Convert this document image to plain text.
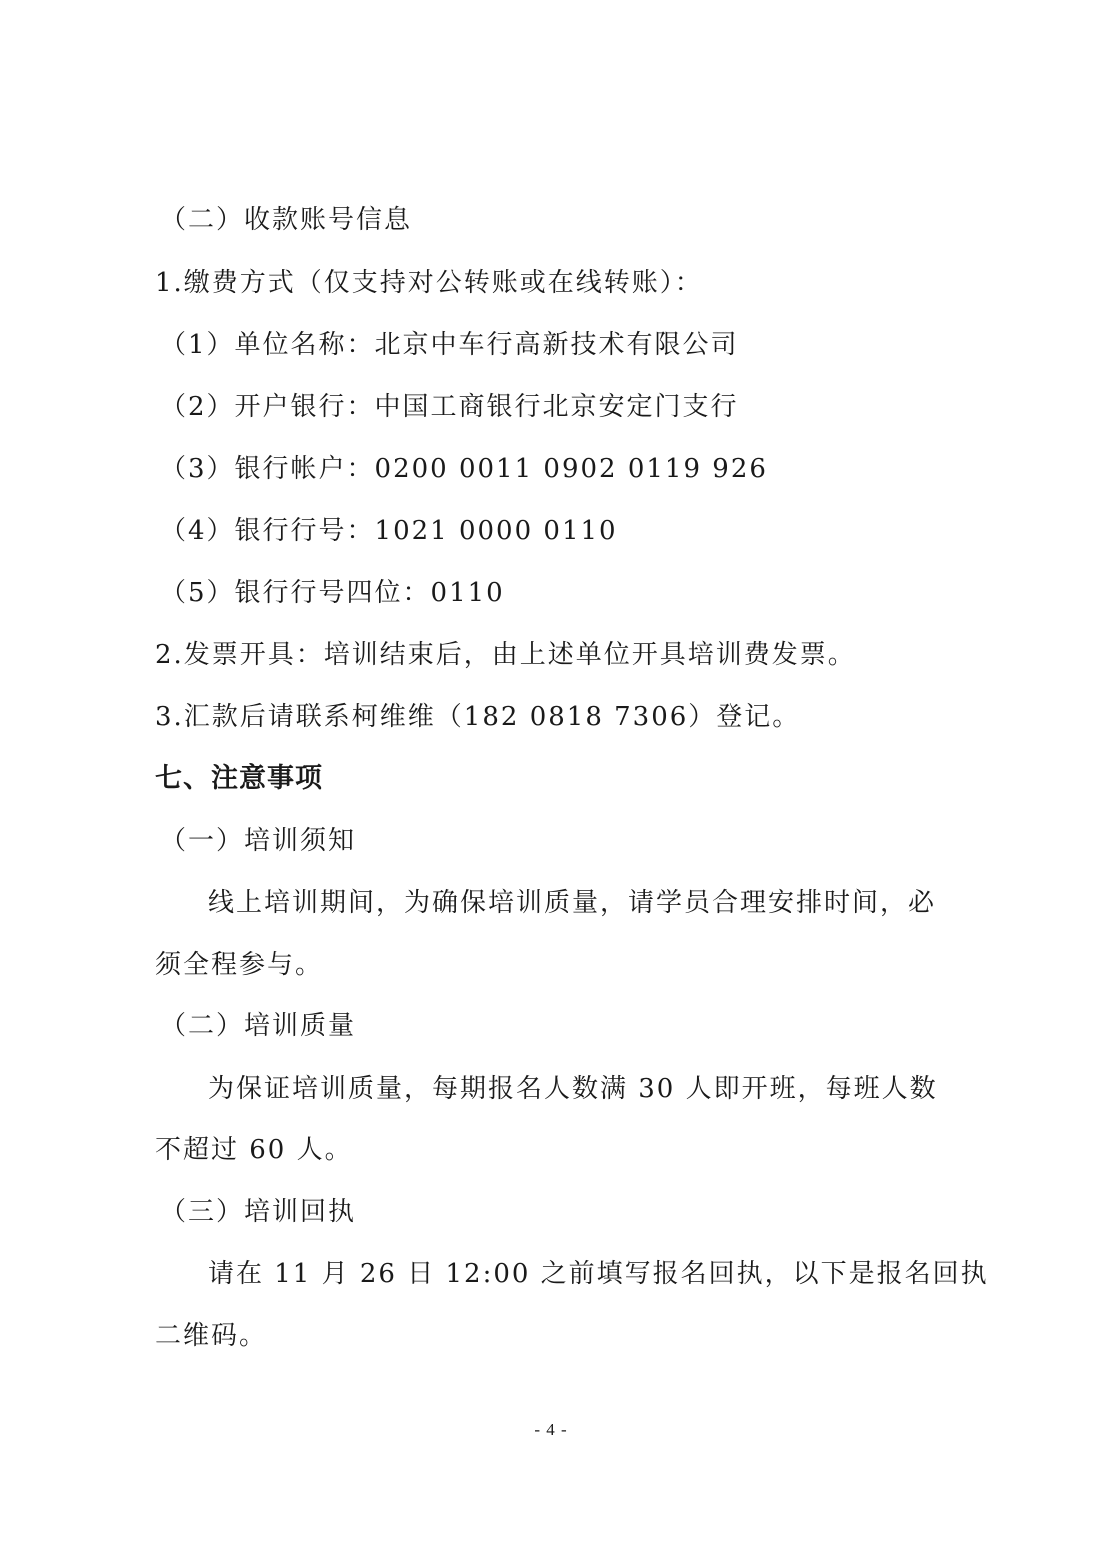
（二）收款账号信息
1.缴费方式（仅支持对公转账或在线转账）：
（1）单位名称：北京中车行高新技术有限公司
（2）开户银行：中国工商银行北京安定门支行
（3）银行帐户：0200 0011 0902 0119 926
（4）银行行号：1021 0000 0110
（5）银行行号四位：0110
2.发票开具：培训结束后，由上述单位开具培训费发票。
3.汇款后请联系柯维维（182 0818 7306）登记。
七、注意事项
（一）培训须知
线上培训期间，为确保培训质量，请学员合理安排时间，必
须全程参与。
（二）培训质量
为保证培训质量，每期报名人数满 30 人即开班，每班人数
不超过 60 人。
（三）培训回执
请在 11 月 26 日 12:00 之前填写报名回执，以下是报名回执
二维码。
- 4 -
